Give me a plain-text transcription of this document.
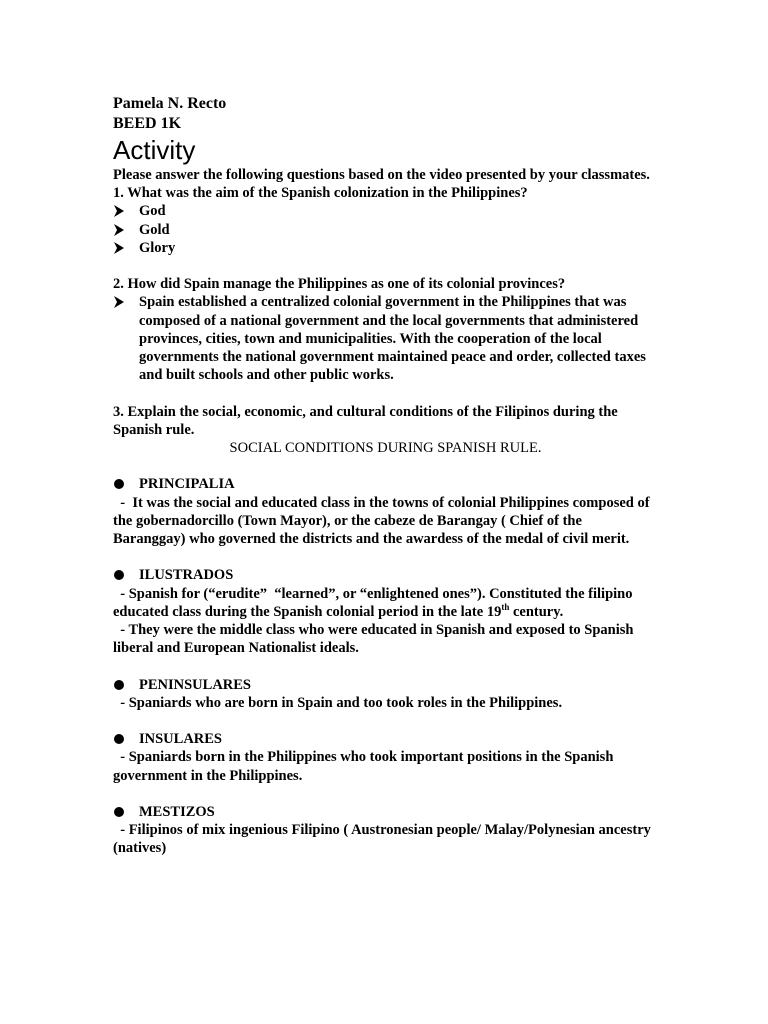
Pamela N. Recto
BEED 1K
Activity
Please answer the following questions based on the video presented by your classmates.
1. What was the aim of the Spanish colonization in the Philippines?
God
Gold
Glory
2. How did Spain manage the Philippines as one of its colonial provinces?
Spain established a centralized colonial government in the Philippines that was composed of a national government and the local governments that administered provinces, cities, town and municipalities. With the cooperation of the local governments the national government maintained peace and order, collected taxes and built schools and other public works.
3. Explain the social, economic, and cultural conditions of the Filipinos during the Spanish rule.
SOCIAL CONDITIONS DURING SPANISH RULE.
PRINCIPALIA
-  It was the social and educated class in the towns of colonial Philippines composed of the gobernadorcillo (Town Mayor), or the cabeze de Barangay ( Chief of the Baranggay) who governed the districts and the awardess of the medal of civil merit.
ILUSTRADOS
- Spanish for (“erudite”  “learned”, or “enlightened ones”). Constituted the filipino educated class during the Spanish colonial period in the late 19th century.
- They were the middle class who were educated in Spanish and exposed to Spanish liberal and European Nationalist ideals.
PENINSULARES
- Spaniards who are born in Spain and too took roles in the Philippines.
INSULARES
- Spaniards born in the Philippines who took important positions in the Spanish government in the Philippines.
MESTIZOS
- Filipinos of mix ingenious Filipino ( Austronesian people/ Malay/Polynesian ancestry (natives)
